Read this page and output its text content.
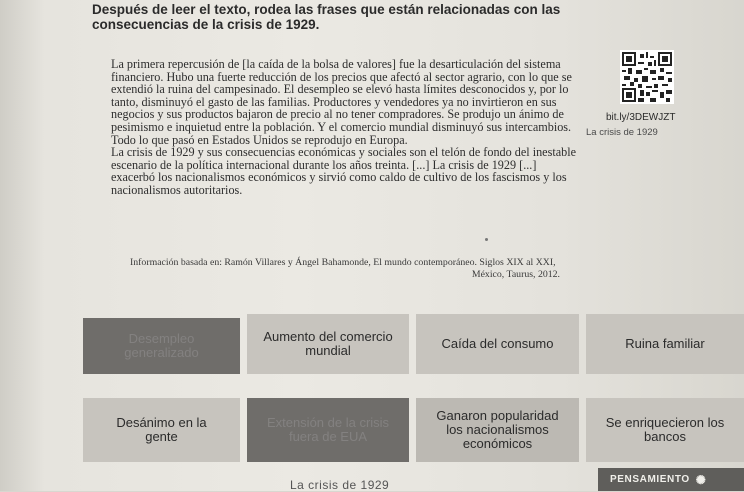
Después de leer el texto, rodea las frases que están relacionadas con las
consecuencias de la crisis de 1929.

La primera repercusión de [la caída de la bolsa de valores] fue la desarticulación del sistema financiero. Hubo una fuerte reducción de los precios que afectó al sector agrario, con lo que se extendió la ruina del campesinado. El desempleo se elevó hasta límites desconocidos y, por lo tanto, disminuyó el gasto de las familias. Productores y vendedores ya no invirtieron en sus negocios y sus productos bajaron de precio al no tener compradores. Se produjo un ánimo de pesimismo e inquietud entre la población. Y el comercio mundial disminuyó sus intercambios. Todo lo que pasó en Estados Unidos se reprodujo en Europa.

La crisis de 1929 y sus consecuencias económicas y sociales son el telón de fondo del inestable escenario de la política internacional durante los años treinta. [...] La crisis de 1929 [...] exacerbó los nacionalismos económicos y sirvió como caldo de cultivo de los fascismos y los nacionalismos autoritarios.

Información basada en: Ramón Villares y Ángel Bahamonde, El mundo contemporáneo. Siglos XIX al XXI,
México, Taurus, 2012.
bit.ly/3DEWJZT
La crisis de 1929
Desempleo generalizado
Aumento del comercio mundial	Caída del consumo	Ruina familiar
Desánimo en la gente
Extensión de la crisis fuera de EUA
Ganaron popularidad los nacionalismos económicos
Se enriquecieron los bancos
La crisis de 1929	PENSAMIENTO ✺
